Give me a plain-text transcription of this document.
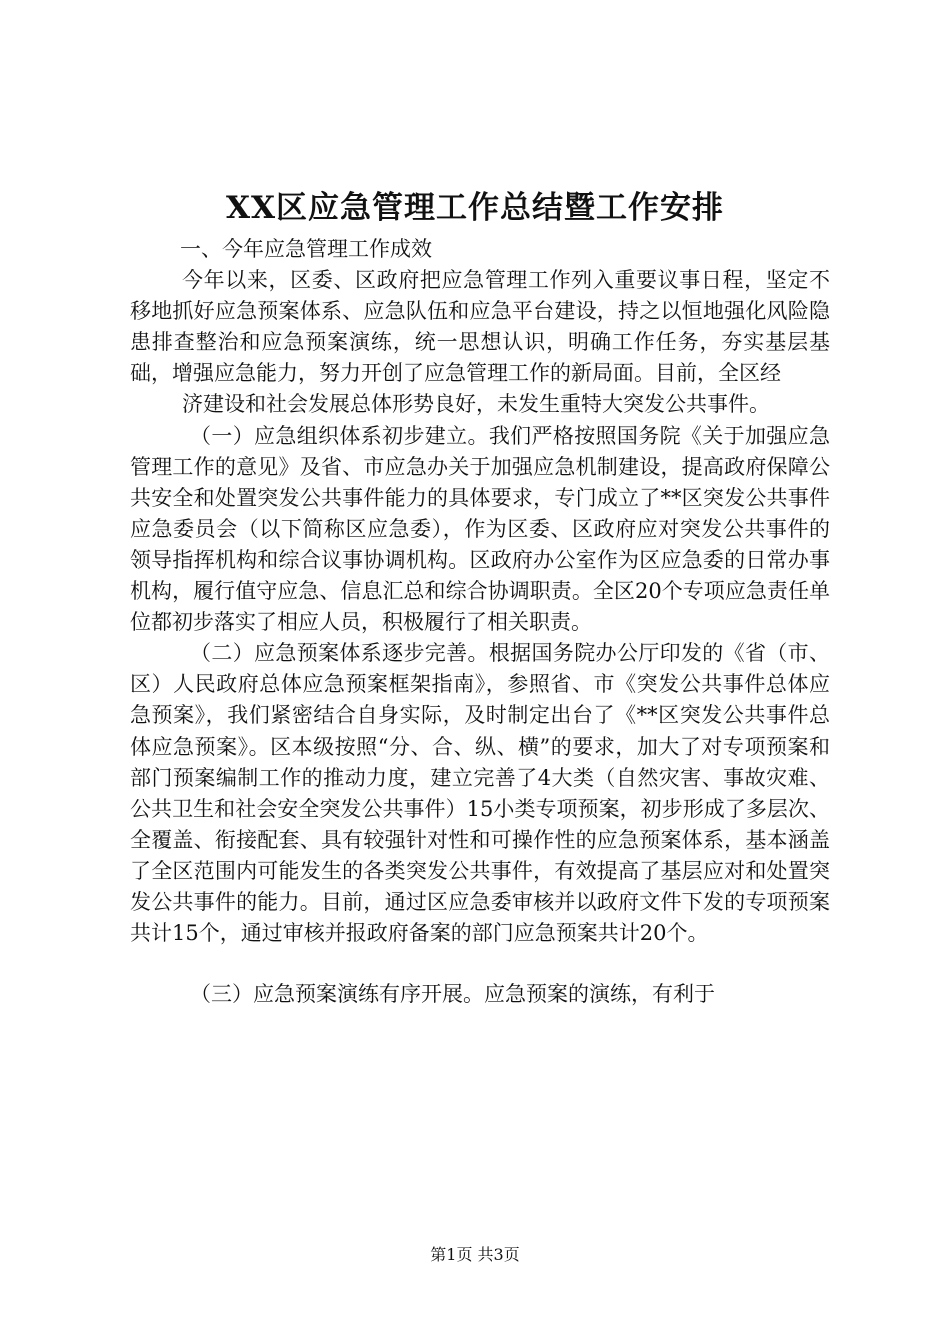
XX区应急管理工作总结暨工作安排

一、今年应急管理工作成效

今年以来，区委、区政府把应急管理工作列入重要议事日程，坚定不移地抓好应急预案体系、应急队伍和应急平台建设，持之以恒地强化风险隐患排查整治和应急预案演练，统一思想认识，明确工作任务，夯实基层基础，增强应急能力，努力开创了应急管理工作的新局面。目前，全区经

济建设和社会发展总体形势良好，未发生重特大突发公共事件。

（一）应急组织体系初步建立。我们严格按照国务院《关于加强应急管理工作的意见》及省、市应急办关于加强应急机制建设，提高政府保障公共安全和处置突发公共事件能力的具体要求，专门成立了**区突发公共事件应急委员会（以下简称区应急委），作为区委、区政府应对突发公共事件的领导指挥机构和综合议事协调机构。区政府办公室作为区应急委的日常办事机构，履行值守应急、信息汇总和综合协调职责。全区20个专项应急责任单位都初步落实了相应人员，积极履行了相关职责。

（二）应急预案体系逐步完善。根据国务院办公厅印发的《省（市、区）人民政府总体应急预案框架指南》，参照省、市《突发公共事件总体应急预案》，我们紧密结合自身实际，及时制定出台了《**区突发公共事件总体应急预案》。区本级按照“分、合、纵、横”的要求，加大了对专项预案和部门预案编制工作的推动力度，建立完善了4大类（自然灾害、事故灾难、公共卫生和社会安全突发公共事件）15小类专项预案，初步形成了多层次、全覆盖、衔接配套、具有较强针对性和可操作性的应急预案体系，基本涵盖了全区范围内可能发生的各类突发公共事件，有效提高了基层应对和处置突发公共事件的能力。目前，通过区应急委审核并以政府文件下发的专项预案共计15个，通过审核并报政府备案的部门应急预案共计20个。

（三）应急预案演练有序开展。应急预案的演练，有利于

第1页 共3页
